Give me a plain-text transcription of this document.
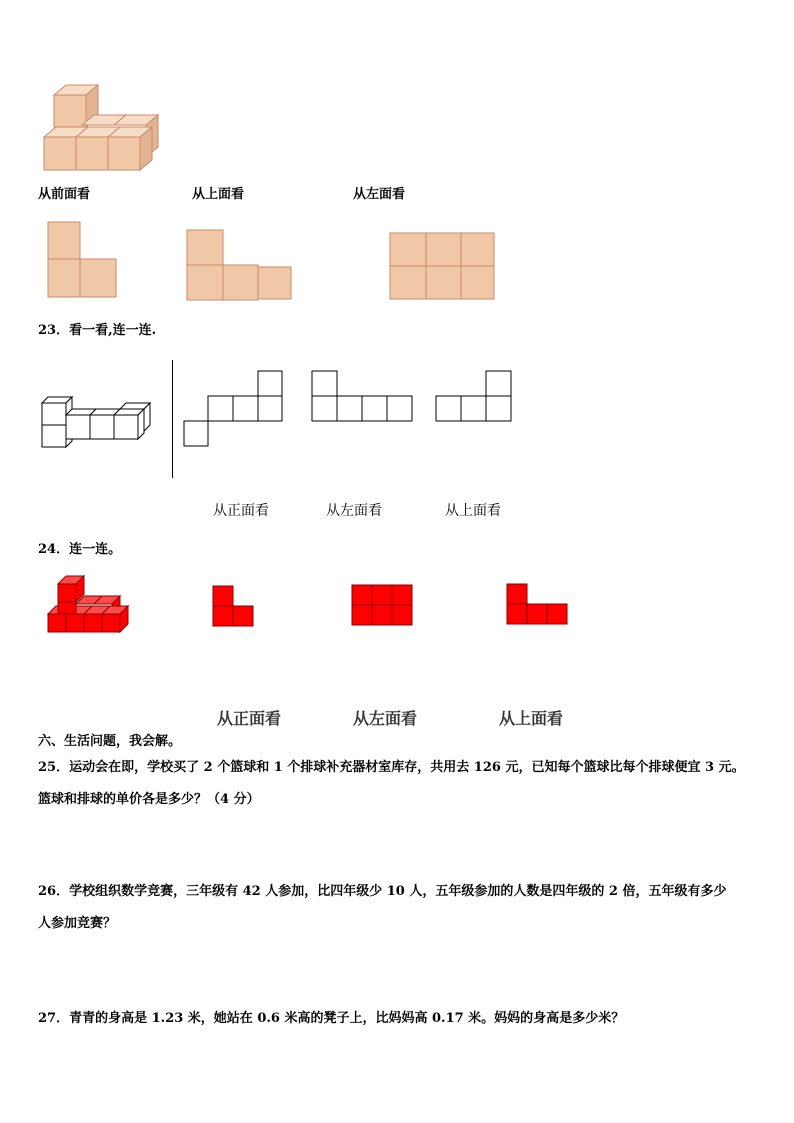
从前面看	从上面看	从左面看
23．看一看,连一连.
从正面看	从左面看	从上面看
24．连一连。
从正面看	从左面看	从上面看
六、生活问题，我会解。
25．运动会在即，学校买了 2 个篮球和 1 个排球补充器材室库存，共用去 126 元，已知每个篮球比每个排球便宜 3 元。
篮球和排球的单价各是多少？（4 分）
26．学校组织数学竞赛，三年级有 42 人参加，比四年级少 10 人，五年级参加的人数是四年级的 2 倍，五年级有多少
人参加竞赛？
27．青青的身高是 1.23 米，她站在 0.6 米高的凳子上，比妈妈高 0.17 米。妈妈的身高是多少米？
